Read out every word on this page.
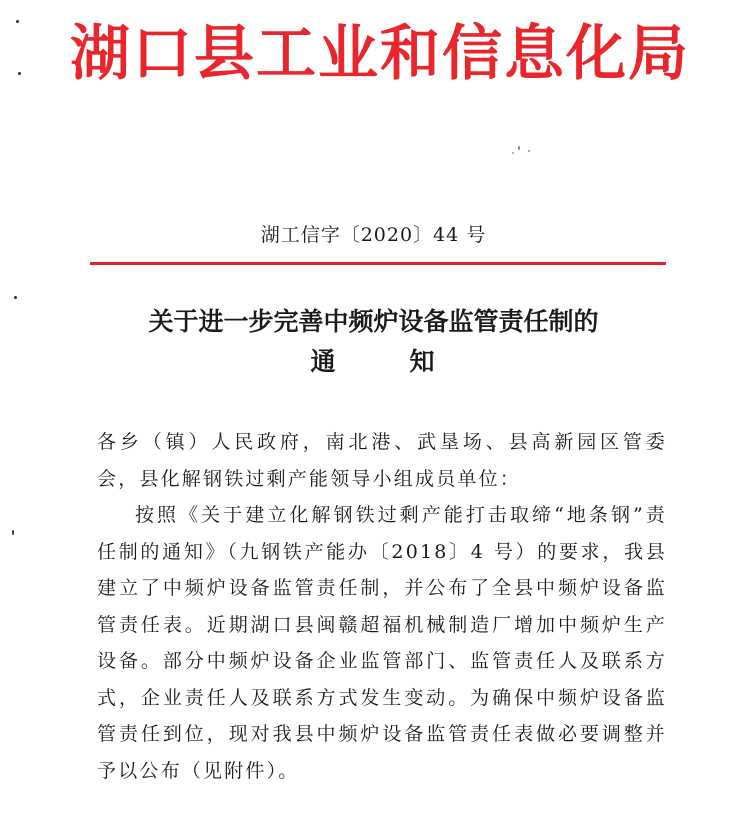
湖口县工业和信息化局
湖工信字〔2020〕44 号
关于进一步完善中频炉设备监管责任制的
通	知

各乡（镇）人民政府，南北港、武垦场、县高新园区管委会，县化解钢铁过剩产能领导小组成员单位：

按照《关于建立化解钢铁过剩产能打击取缔“地条钢”责任制的通知》（九钢铁产能办〔2018〕4 号）的要求，我县建立了中频炉设备监管责任制，并公布了全县中频炉设备监管责任表。近期湖口县闽赣超福机械制造厂增加中频炉生产设备。部分中频炉设备企业监管部门、监管责任人及联系方式，企业责任人及联系方式发生变动。为确保中频炉设备监管责任到位，现对我县中频炉设备监管责任表做必要调整并予以公布（见附件）。
